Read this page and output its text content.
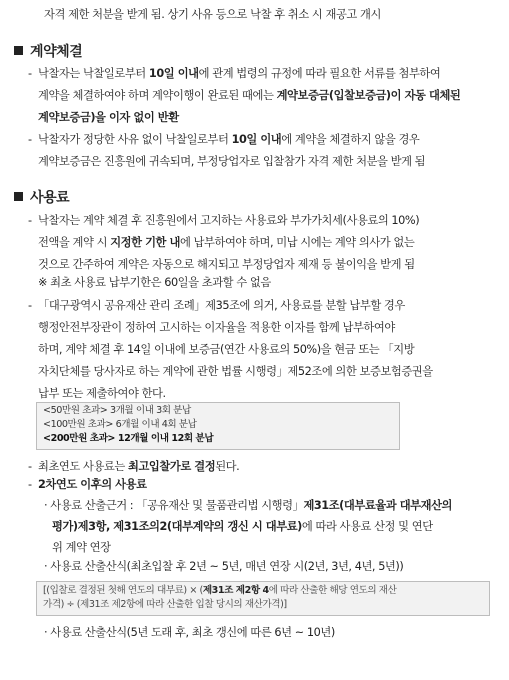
자격 제한 처분을 받게 됨. 상기 사유 등으로 낙찰 후 취소 시 재공고 개시
계약체결
- 낙찰자는 낙찰일로부터 10일 이내에 관계 법령의 규정에 따라 필요한 서류를 첨부하여
계약을 체결하여야 하며 계약이행이 완료된 때에는 계약보증금(입찰보증금)이 자동 대체된
계약보증금)을 이자 없이 반환
- 낙찰자가 정당한 사유 없이 낙찰일로부터 10일 이내에 계약을 체결하지 않을 경우
계약보증금은 진흥원에 귀속되며, 부정당업자로 입찰참가 자격 제한 처분을 받게 됨
사용료
- 낙찰자는 계약 체결 후 진흥원에서 고지하는 사용료와 부가가치세(사용료의 10%)
전액을 계약 시 지정한 기한 내에 납부하여야 하며, 미납 시에는 계약 의사가 없는
것으로 간주하여 계약은 자동으로 해지되고 부정당업자 제재 등 불이익을 받게 됨
※ 최초 사용료 납부기한은 60일을 초과할 수 없음
- 「대구광역시 공유재산 관리 조례」제35조에 의거, 사용료를 분할 납부할 경우
행정안전부장관이 정하여 고시하는 이자율을 적용한 이자를 함께 납부하여야
하며, 계약 체결 후 14일 이내에 보증금(연간 사용료의 50%)을 현금 또는 「지방
자치단체를 당사자로 하는 계약에 관한 법률 시행령」제52조에 의한 보증보험증권을
납부 또는 제출하여야 한다.
<50만원 초과> 3개월 이내 3회 분납
<100만원 초과> 6개월 이내 4회 분납
<200만원 초과> 12개월 이내 12회 분납
- 최초연도 사용료는 최고입찰가로 결정된다.
- 2차연도 이후의 사용료
· 사용료 산출근거 : 「공유재산 및 물품관리법 시행령」제31조(대부료율과 대부재산의
평가)제3항, 제31조의2(대부계약의 갱신 시 대부료)에 따라 사용료 산정 및 연단
위 계약 연장
· 사용료 산출산식(최초입찰 후 2년 ~ 5년, 매년 연장 시(2년, 3년, 4년, 5년))
[(입찰로 결정된 첫해 연도의 대부료) × (제31조 제2항 4에 따라 산출한 해당 연도의 재산
가격) ÷ (제31조 제2항에 따라 산출한 입찰 당시의 재산가격)]
· 사용료 산출산식(5년 도래 후, 최초 갱신에 따른 6년 ~ 10년)
